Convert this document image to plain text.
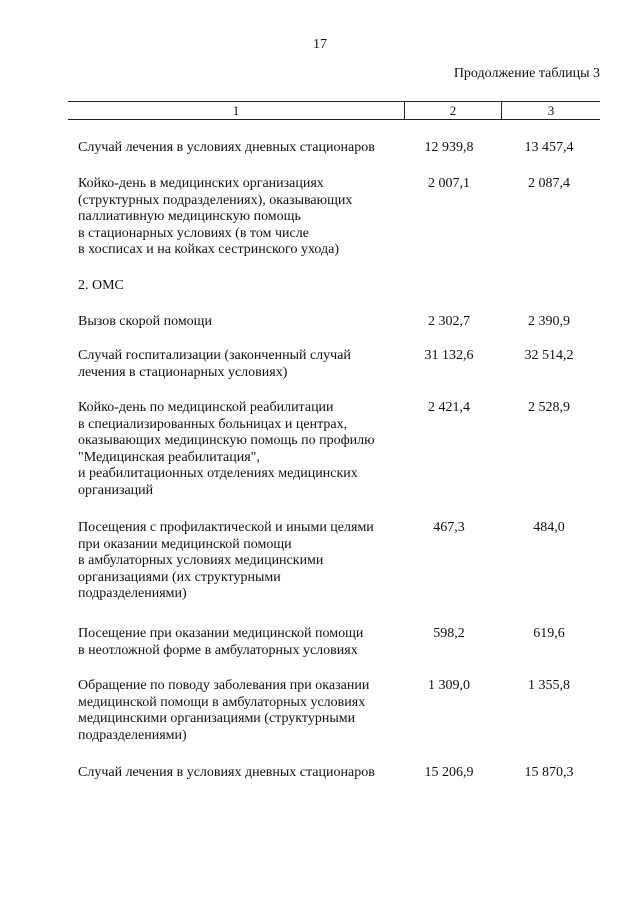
17
Продолжение таблицы 3
1	2	3
Случай лечения в условиях дневных стационаров	12 939,8	13 457,4
Койко-день в медицинских организациях
(структурных подразделениях), оказывающих
паллиативную медицинскую помощь
в стационарных условиях (в том числе
в хосписах и на койках сестринского ухода)
2 007,1	2 087,4
2. ОМС
Вызов скорой помощи	2 302,7	2 390,9
Случай госпитализации (законченный случай
лечения в стационарных условиях)
31 132,6	32 514,2
Койко-день по медицинской реабилитации
в специализированных больницах и центрах,
оказывающих медицинскую помощь по профилю
"Медицинская реабилитация",
и реабилитационных отделениях медицинских
организаций
2 421,4	2 528,9
Посещения с профилактической и иными целями
при оказании медицинской помощи
в амбулаторных условиях медицинскими
организациями (их структурными
подразделениями)
467,3	484,0
Посещение при оказании медицинской помощи
в неотложной форме в амбулаторных условиях
598,2	619,6
Обращение по поводу заболевания при оказании
медицинской помощи в амбулаторных условиях
медицинскими организациями (структурными
подразделениями)
1 309,0	1 355,8
Случай лечения в условиях дневных стационаров	15 206,9	15 870,3
